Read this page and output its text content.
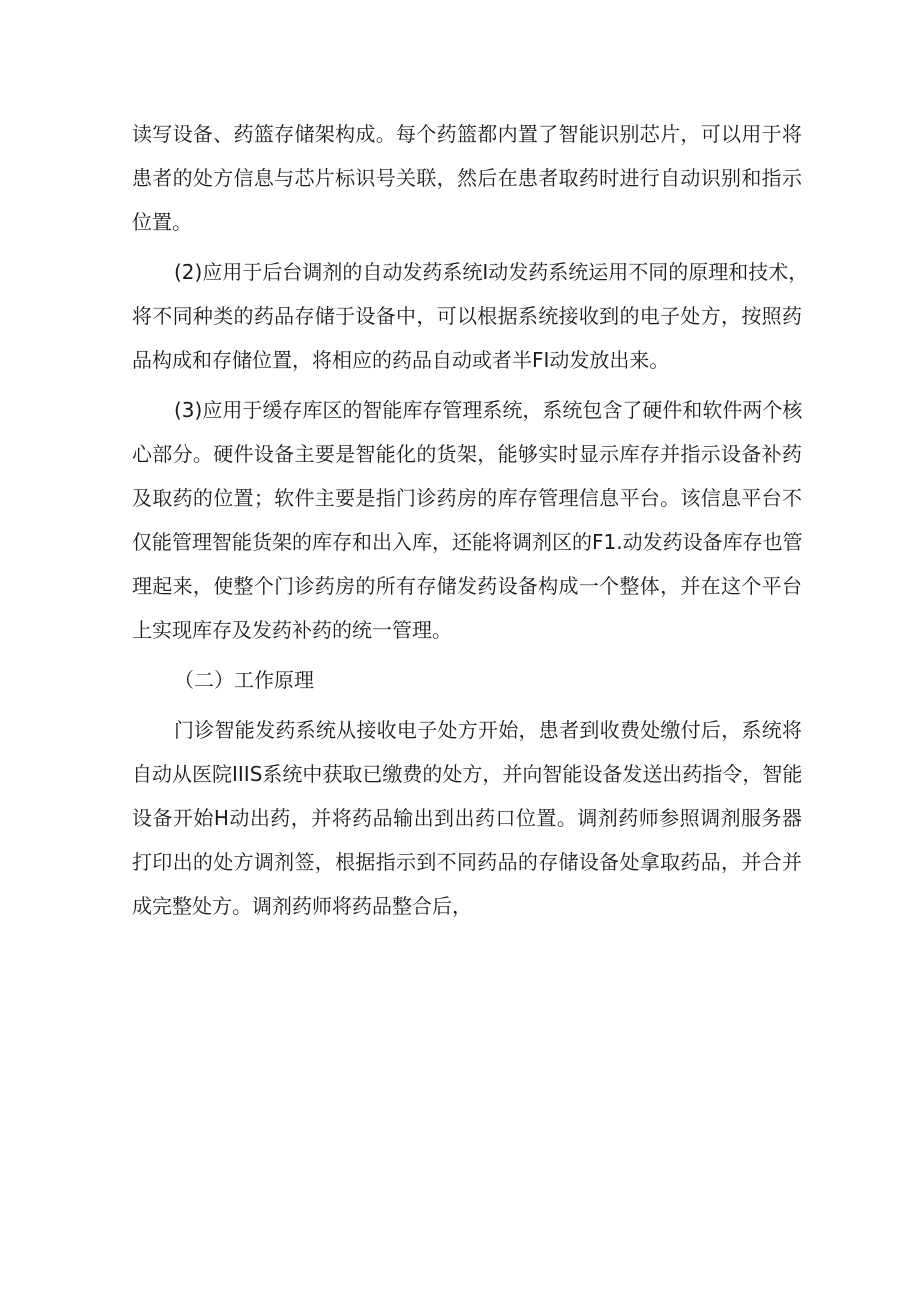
读写设备、药篮存储架构成。每个药篮都内置了智能识别芯片，可以用于将
患者的处方信息与芯片标识号关联，然后在患者取药时进行自动识别和指示
位置。
(2)应用于后台调剂的自动发药系统I动发药系统运用不同的原理和技术，
将不同种类的药品存储于设备中，可以根据系统接收到的电子处方，按照药
品构成和存储位置，将相应的药品自动或者半FI动发放出来。
(3)应用于缓存库区的智能库存管理系统，系统包含了硬件和软件两个核
心部分。硬件设备主要是智能化的货架，能够实时显示库存并指示设备补药
及取药的位置；软件主要是指门诊药房的库存管理信息平台。该信息平台不
仅能管理智能货架的库存和出入库，还能将调剂区的F1.动发药设备库存也管
理起来，使整个门诊药房的所有存储发药设备构成一个整体，并在这个平台
上实现库存及发药补药的统一管理。
（二）工作原理
门诊智能发药系统从接收电子处方开始，患者到收费处缴付后，系统将
自动从医院IIIS系统中获取已缴费的处方，并向智能设备发送出药指令，智能
设备开始H动出药，并将药品输出到出药口位置。调剂药师参照调剂服务器
打印出的处方调剂签，根据指示到不同药品的存储设备处拿取药品，并合并
成完整处方。调剂药师将药品整合后，
